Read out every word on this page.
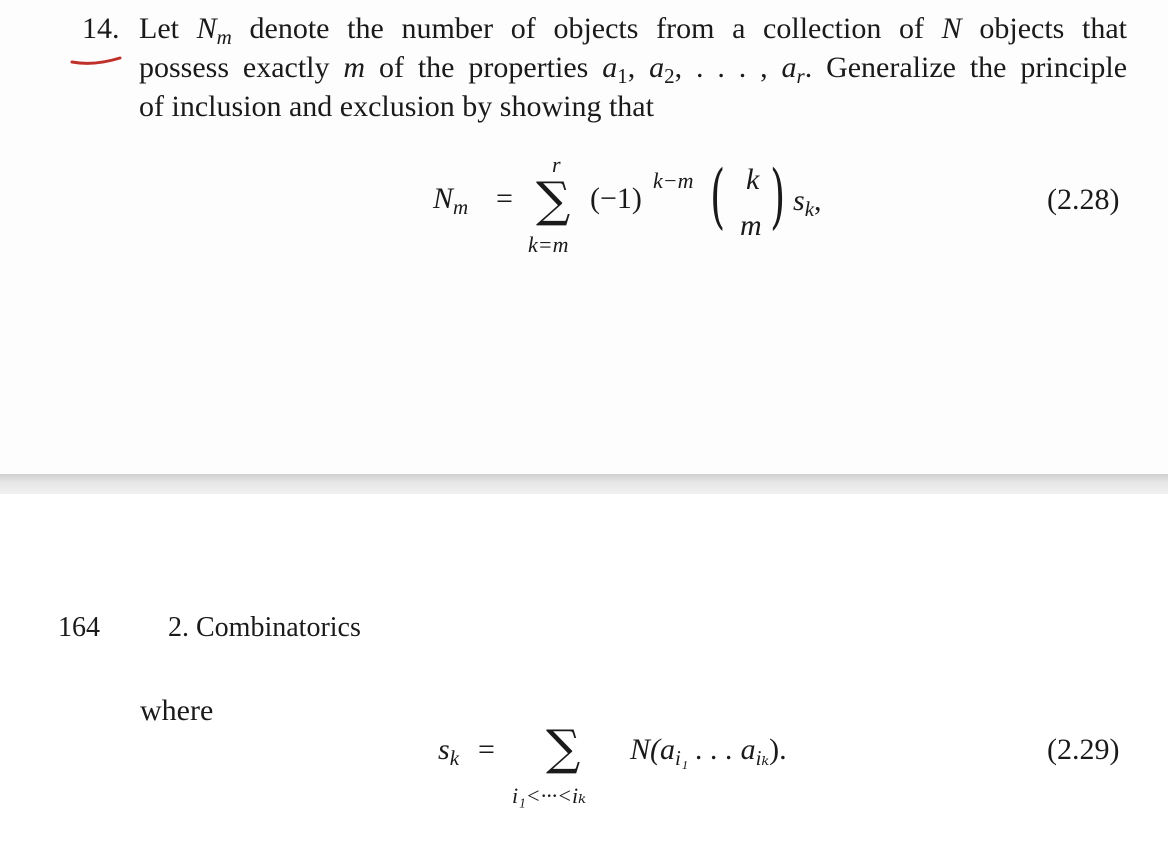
14. Let $N_m$ denote the number of objects from a collection of N objects that
possess exactly m of the properties $a_1$, $a_2$, . . . , $a_r$. Generalize the principle
of inclusion and exclusion by showing that
$N_m$ =
r
∑
k=m
(−1)
k−m ( k
m ) $s_k$,	(2.28)
164 2. Combinatorics
where
$s_k$ = ∑
i₁<···<iₖ
$N(a_{i_1}$ . . . $a_{i_k}$).	(2.29)
